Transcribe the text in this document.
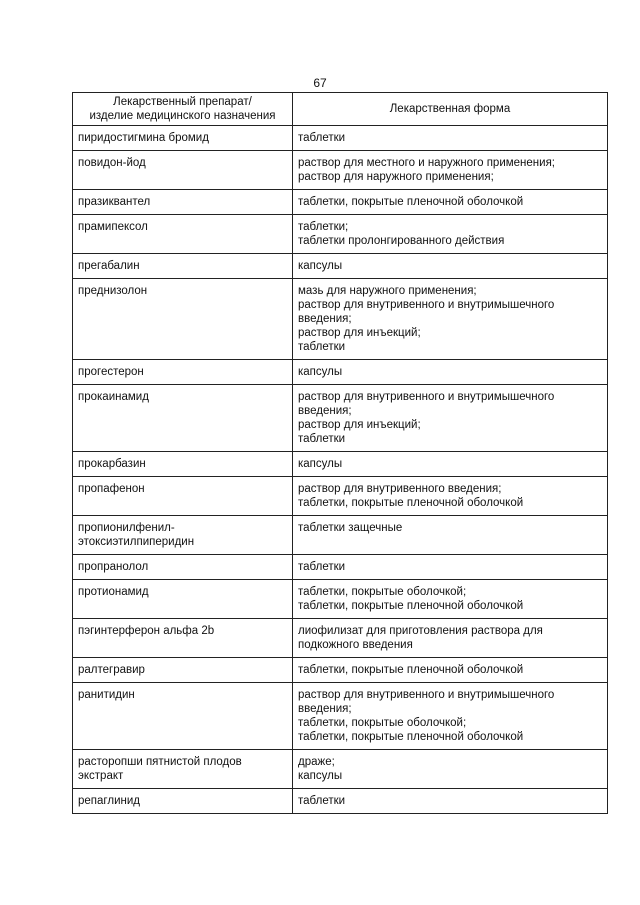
67
Лекарственный препарат/
изделие медицинского назначения	Лекарственная форма

пиридостигмина бромид	таблетки

повидон-йод	раствор для местного и наружного применения;
раствор для наружного применения;

празиквантел	таблетки, покрытые пленочной оболочкой

прамипексол	таблетки;
таблетки пролонгированного действия

прегабалин	капсулы

преднизолон	мазь для наружного применения;
раствор для внутривенного и внутримышечного
введения;
раствор для инъекций;
таблетки

прогестерон	капсулы

прокаинамид	раствор для внутривенного и внутримышечного
введения;
раствор для инъекций;
таблетки

прокарбазин	капсулы

пропафенон	раствор для внутривенного введения;
таблетки, покрытые пленочной оболочкой

пропионилфенил-
этоксиэтилпиперидин	таблетки защечные

пропранолол	таблетки

протионамид	таблетки, покрытые оболочкой;
таблетки, покрытые пленочной оболочкой

пэгинтерферон альфа 2b	лиофилизат для приготовления раствора для
подкожного введения

ралтегравир	таблетки, покрытые пленочной оболочкой

ранитидин	раствор для внутривенного и внутримышечного
введения;
таблетки, покрытые оболочкой;
таблетки, покрытые пленочной оболочкой

расторопши пятнистой плодов
экстракт	драже;
капсулы

репаглинид	таблетки
